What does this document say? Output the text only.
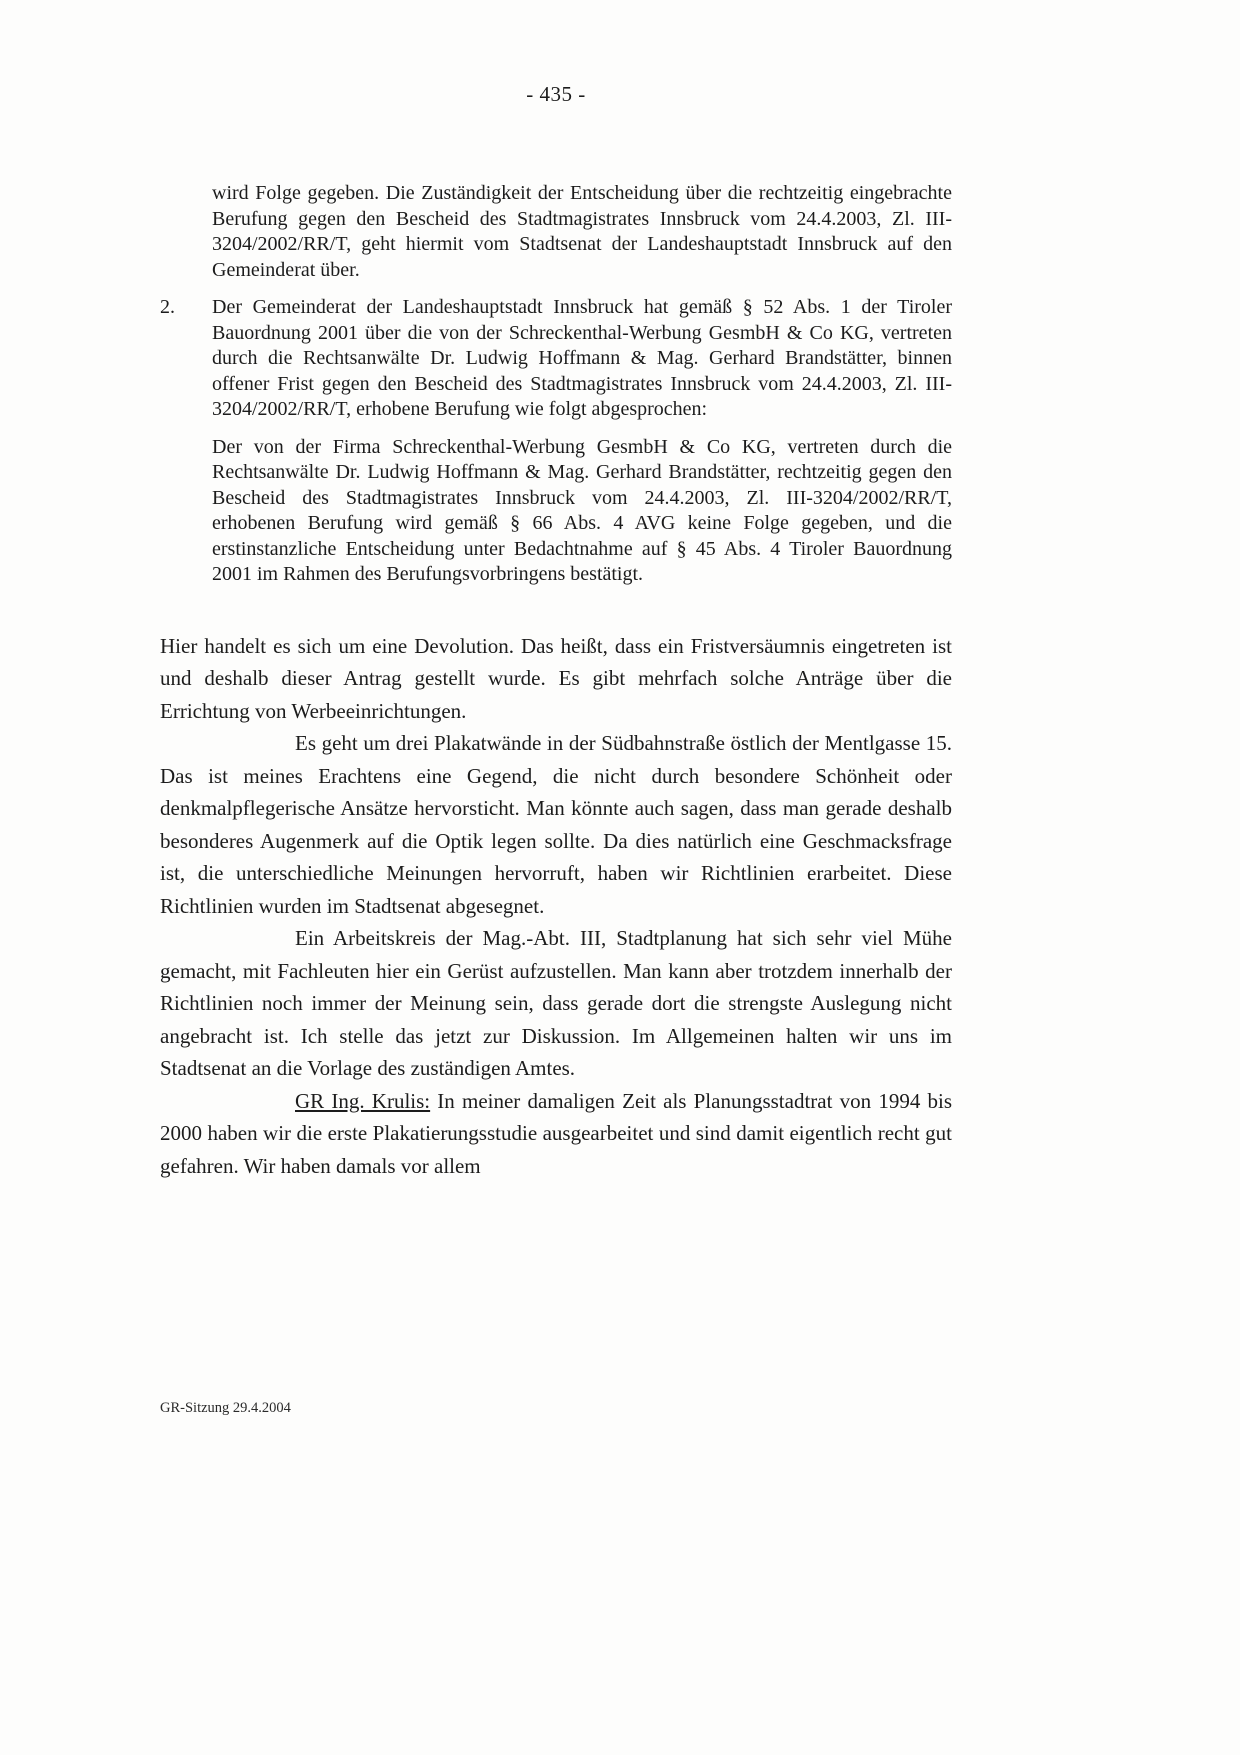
- 435 -

wird Folge gegeben. Die Zuständigkeit der Entscheidung über die rechtzeitig eingebrachte Berufung gegen den Bescheid des Stadtmagistrates Innsbruck vom 24.4.2003, Zl. III-3204/2002/RR/T, geht hiermit vom Stadtsenat der Landeshauptstadt Innsbruck auf den Gemeinderat über.

2. Der Gemeinderat der Landeshauptstadt Innsbruck hat gemäß § 52 Abs. 1 der Tiroler Bauordnung 2001 über die von der Schreckenthal-Werbung GesmbH & Co KG, vertreten durch die Rechtsanwälte Dr. Ludwig Hoffmann & Mag. Gerhard Brandstätter, binnen offener Frist gegen den Bescheid des Stadtmagistrates Innsbruck vom 24.4.2003, Zl. III-3204/2002/RR/T, erhobene Berufung wie folgt abgesprochen:

Der von der Firma Schreckenthal-Werbung GesmbH & Co KG, vertreten durch die Rechtsanwälte Dr. Ludwig Hoffmann & Mag. Gerhard Brandstätter, rechtzeitig gegen den Bescheid des Stadtmagistrates Innsbruck vom 24.4.2003, Zl. III-3204/2002/RR/T, erhobenen Berufung wird gemäß § 66 Abs. 4 AVG keine Folge gegeben, und die erstinstanzliche Entscheidung unter Bedachtnahme auf § 45 Abs. 4 Tiroler Bauordnung 2001 im Rahmen des Berufungsvorbringens bestätigt.

Hier handelt es sich um eine Devolution. Das heißt, dass ein Fristversäumnis eingetreten ist und deshalb dieser Antrag gestellt wurde. Es gibt mehrfach solche Anträge über die Errichtung von Werbeeinrichtungen.

Es geht um drei Plakatwände in der Südbahnstraße östlich der Mentlgasse 15. Das ist meines Erachtens eine Gegend, die nicht durch besondere Schönheit oder denkmalpflegerische Ansätze hervorsticht. Man könnte auch sagen, dass man gerade deshalb besonderes Augenmerk auf die Optik legen sollte. Da dies natürlich eine Geschmacksfrage ist, die unterschiedliche Meinungen hervorruft, haben wir Richtlinien erarbeitet. Diese Richtlinien wurden im Stadtsenat abgesegnet.

Ein Arbeitskreis der Mag.-Abt. III, Stadtplanung hat sich sehr viel Mühe gemacht, mit Fachleuten hier ein Gerüst aufzustellen. Man kann aber trotzdem innerhalb der Richtlinien noch immer der Meinung sein, dass gerade dort die strengste Auslegung nicht angebracht ist. Ich stelle das jetzt zur Diskussion. Im Allgemeinen halten wir uns im Stadtsenat an die Vorlage des zuständigen Amtes.

GR Ing. Krulis: In meiner damaligen Zeit als Planungsstadtrat von 1994 bis 2000 haben wir die erste Plakatierungsstudie ausgearbeitet und sind damit eigentlich recht gut gefahren. Wir haben damals vor allem

GR-Sitzung 29.4.2004
